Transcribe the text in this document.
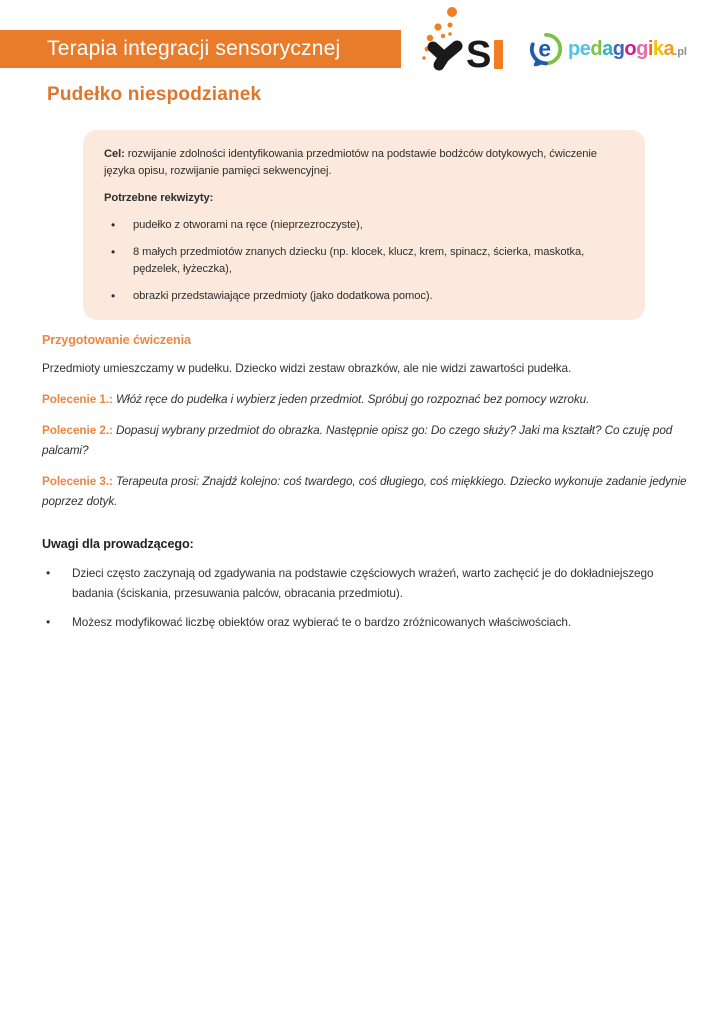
Terapia integracji sensorycznej	S e pedagogika.pl
Pudełko niespodzianek

Cel: rozwijanie zdolności identyfikowania przedmiotów na podstawie bodźców dotykowych, ćwiczenie języka opisu, rozwijanie pamięci sekwencyjnej.

Potrzebne rekwizyty:

•	pudełko z otworami na ręce (nieprzezroczyste),
•	8 małych przedmiotów znanych dziecku (np. klocek, klucz, krem, spinacz, ścierka, maskotka, pędzelek, łyżeczka),
•	obrazki przedstawiające przedmioty (jako dodatkowa pomoc).
Przygotowanie ćwiczenia

Przedmioty umieszczamy w pudełku. Dziecko widzi zestaw obrazków, ale nie widzi zawartości pudełka.

Polecenie 1.: Włóż ręce do pudełka i wybierz jeden przedmiot. Spróbuj go rozpoznać bez pomocy wzroku.

Polecenie 2.: Dopasuj wybrany przedmiot do obrazka. Następnie opisz go: Do czego służy? Jaki ma kształt? Co czuję pod palcami?

Polecenie 3.: Terapeuta prosi: Znajdź kolejno: coś twardego, coś długiego, coś miękkiego. Dziecko wykonuje zadanie jedynie poprzez dotyk.

Uwagi dla prowadzącego:
•	Dzieci często zaczynają od zgadywania na podstawie częściowych wrażeń, warto zachęcić je do dokładniejszego badania (ściskania, przesuwania palców, obracania przedmiotu).
•	Możesz modyfikować liczbę obiektów oraz wybierać te o bardzo zróżnicowanych właściwościach.
